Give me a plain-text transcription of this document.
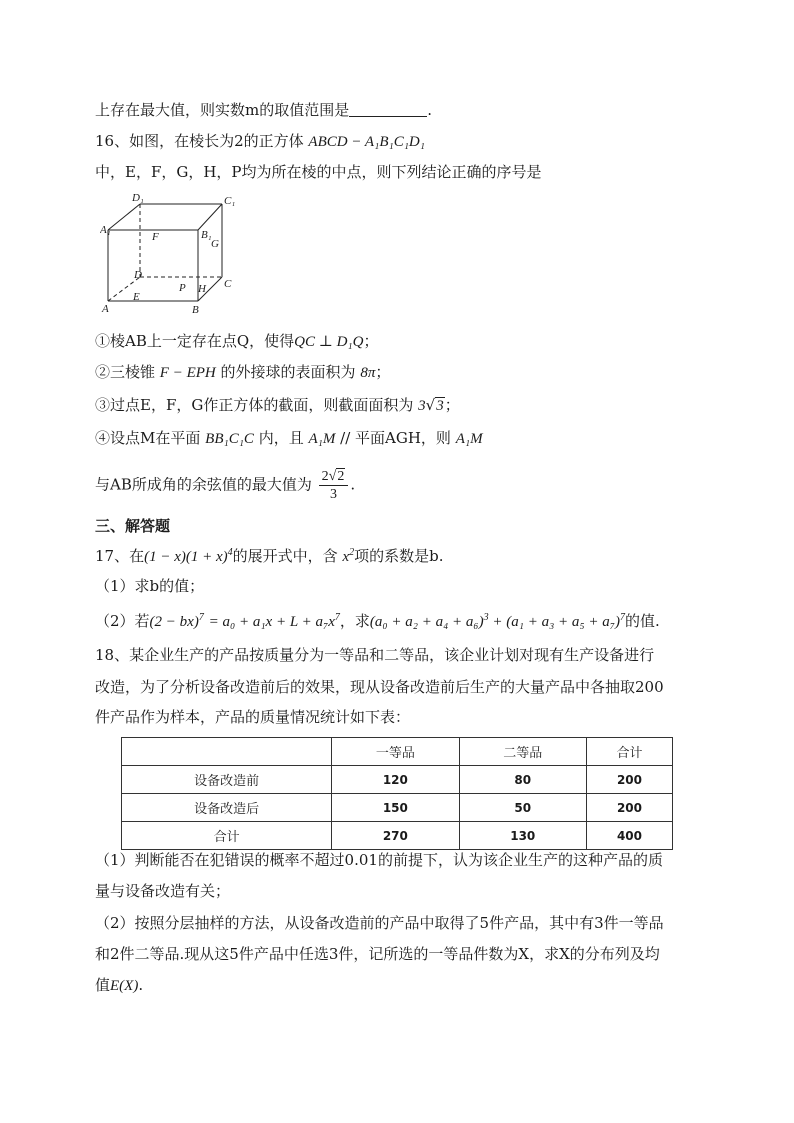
上存在最大值，则实数m的取值范围是	.
16、如图，在棱长为2的正方体 ABCD − A₁B₁C₁D₁
中，E，F，G，H，P均为所在棱的中点，则下列结论正确的序号是
D₁	C₁
A₁	B₁
F
G
D
C
A	B
E
P H
①棱AB上一定存在点Q，使得QC ⊥ D₁Q；
②三棱锥 F − EPH 的外接球的表面积为 8π；
③过点E，F，G作正方体的截面，则截面面积为 3√3；
④设点M在平面 BB₁C₁C 内，且 A₁M // 平面AGH，则 A₁M
与AB所成角的余弦值的最大值为 $\frac{2√2}{3}$ .
三、解答题
17、在$(1 - x)(1 + x)^4$的展开式中，含 $x^2$项的系数是b.
（1）求b的值；
（2）若$(2 - bx)^7 = a_0 + a_1x + L + a_7x^7$，求$(a_0 + a_2 + a_4 + a_6)^3 + (a_1 + a_3 + a_5 + a_7)^7$的值.
18、某企业生产的产品按质量分为一等品和二等品，该企业计划对现有生产设备进行
改造，为了分析设备改造前后的效果，现从设备改造前后生产的大量产品中各抽取200
件产品作为样本，产品的质量情况统计如下表：
	一等品	二等品	合计
设备改造前	120	80	200
设备改造后	150	50	200
合计	270	130	400
（1）判断能否在犯错误的概率不超过0.01的前提下，认为该企业生产的这种产品的质
量与设备改造有关；
（2）按照分层抽样的方法，从设备改造前的产品中取得了5件产品，其中有3件一等品
和2件二等品.现从这5件产品中任选3件，记所选的一等品件数为X，求X的分布列及均
值E(X).
